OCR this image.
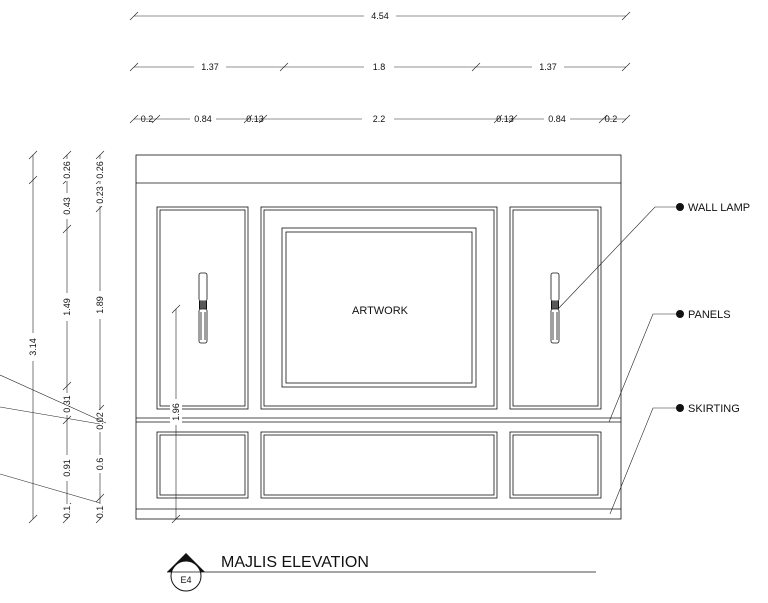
4.54
1.37	1.8	1.37
0.2	0.84	0.13	2.2	0.13	0.84	0.2
3.14
0.26
0.43
1.49
0.31
0.91
0.1
0.26
0.23
1.89
0.02
0.6
0.1
ARTWORK
1.96
WALL LAMP
PANELS
SKIRTING
E4
MAJLIS ELEVATION
